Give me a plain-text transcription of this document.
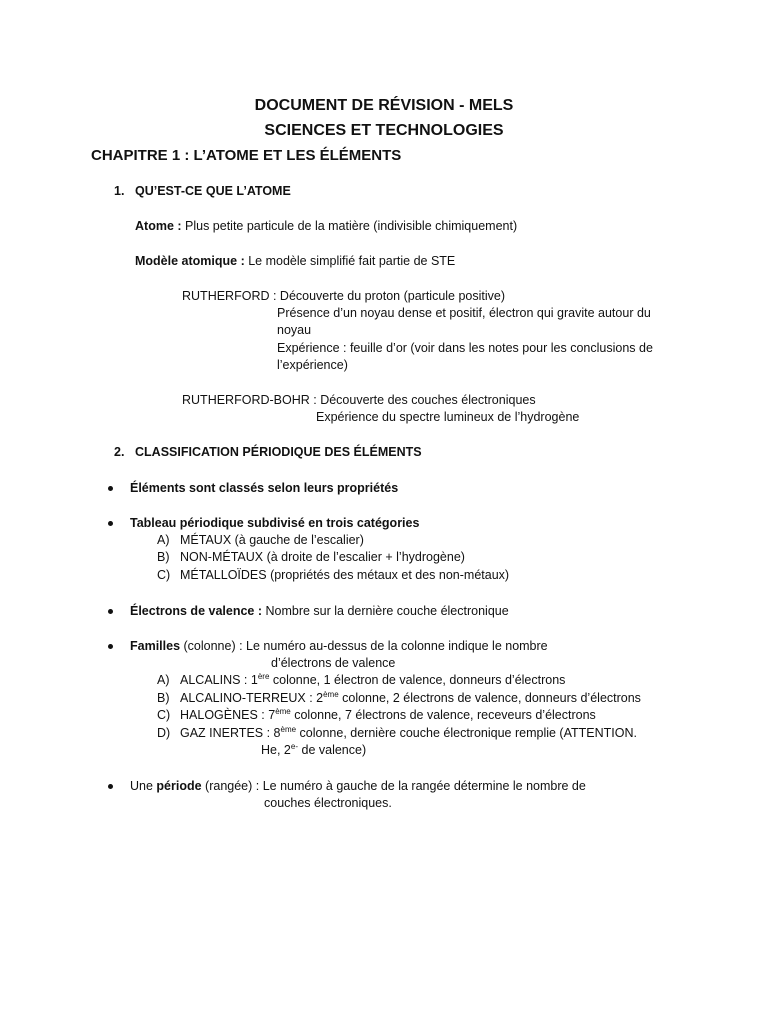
DOCUMENT DE RÉVISION - MELS
SCIENCES ET TECHNOLOGIES
CHAPITRE 1 : L’ATOME ET LES ÉLÉMENTS
1. QU’EST-CE QUE L’ATOME
Atome : Plus petite particule de la matière (indivisible chimiquement)
Modèle atomique : Le modèle simplifié fait partie de STE
RUTHERFORD : Découverte du proton (particule positive)
Présence d’un noyau dense et positif, électron qui gravite autour du
noyau
Expérience : feuille d’or (voir dans les notes pour les conclusions de
l’expérience)
RUTHERFORD-BOHR : Découverte des couches électroniques
Expérience du spectre lumineux de l’hydrogène
2. CLASSIFICATION PÉRIODIQUE DES ÉLÉMENTS
Éléments sont classés selon leurs propriétés
Tableau périodique subdivisé en trois catégories
A) MÉTAUX (à gauche de l’escalier)
B) NON-MÉTAUX (à droite de l’escalier + l’hydrogène)
C) MÉTALLOÏDES (propriétés des métaux et des non-métaux)
Électrons de valence : Nombre sur la dernière couche électronique
Familles (colonne) : Le numéro au-dessus de la colonne indique le nombre
d’électrons de valence
A) ALCALINS : 1ère colonne, 1 électron de valence, donneurs d’électrons
B) ALCALINO-TERREUX : 2ème colonne, 2 électrons de valence, donneurs d’électrons
C) HALOGÈNES : 7ème colonne, 7 électrons de valence, receveurs d’électrons
D) GAZ INERTES : 8ème colonne, dernière couche électronique remplie (ATTENTION.
He, $2^{e-}$ de valence)
Une période (rangée) : Le numéro à gauche de la rangée détermine le nombre de
couches électroniques.
